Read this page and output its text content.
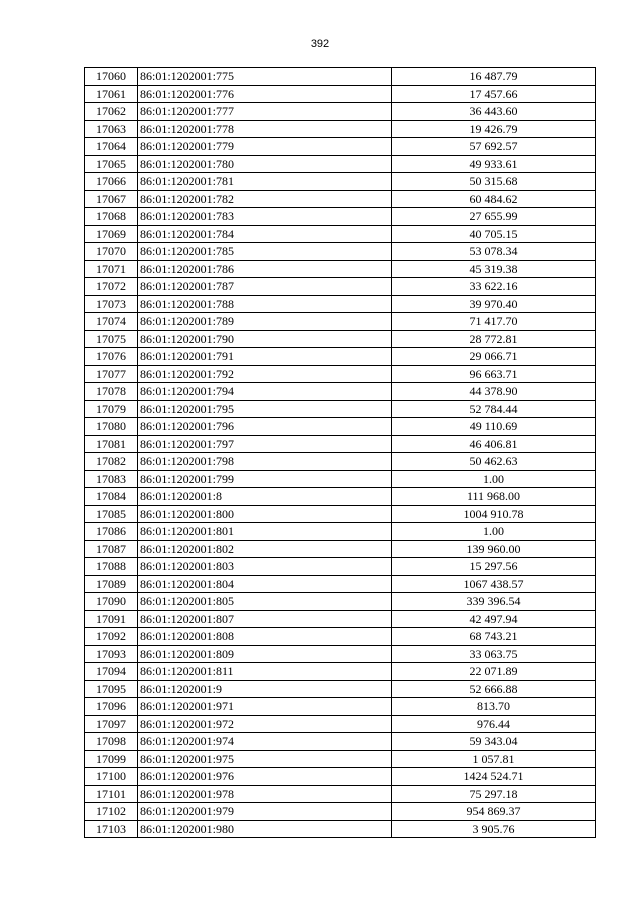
392
17060	86:01:1202001:775	16 487.79
17061	86:01:1202001:776	17 457.66
17062	86:01:1202001:777	36 443.60
17063	86:01:1202001:778	19 426.79
17064	86:01:1202001:779	57 692.57
17065	86:01:1202001:780	49 933.61
17066	86:01:1202001:781	50 315.68
17067	86:01:1202001:782	60 484.62
17068	86:01:1202001:783	27 655.99
17069	86:01:1202001:784	40 705.15
17070	86:01:1202001:785	53 078.34
17071	86:01:1202001:786	45 319.38
17072	86:01:1202001:787	33 622.16
17073	86:01:1202001:788	39 970.40
17074	86:01:1202001:789	71 417.70
17075	86:01:1202001:790	28 772.81
17076	86:01:1202001:791	29 066.71
17077	86:01:1202001:792	96 663.71
17078	86:01:1202001:794	44 378.90
17079	86:01:1202001:795	52 784.44
17080	86:01:1202001:796	49 110.69
17081	86:01:1202001:797	46 406.81
17082	86:01:1202001:798	50 462.63
17083	86:01:1202001:799	1.00
17084	86:01:1202001:8	111 968.00
17085	86:01:1202001:800	1004 910.78
17086	86:01:1202001:801	1.00
17087	86:01:1202001:802	139 960.00
17088	86:01:1202001:803	15 297.56
17089	86:01:1202001:804	1067 438.57
17090	86:01:1202001:805	339 396.54
17091	86:01:1202001:807	42 497.94
17092	86:01:1202001:808	68 743.21
17093	86:01:1202001:809	33 063.75
17094	86:01:1202001:811	22 071.89
17095	86:01:1202001:9	52 666.88
17096	86:01:1202001:971	813.70
17097	86:01:1202001:972	976.44
17098	86:01:1202001:974	59 343.04
17099	86:01:1202001:975	1 057.81
17100	86:01:1202001:976	1424 524.71
17101	86:01:1202001:978	75 297.18
17102	86:01:1202001:979	954 869.37
17103	86:01:1202001:980	3 905.76
